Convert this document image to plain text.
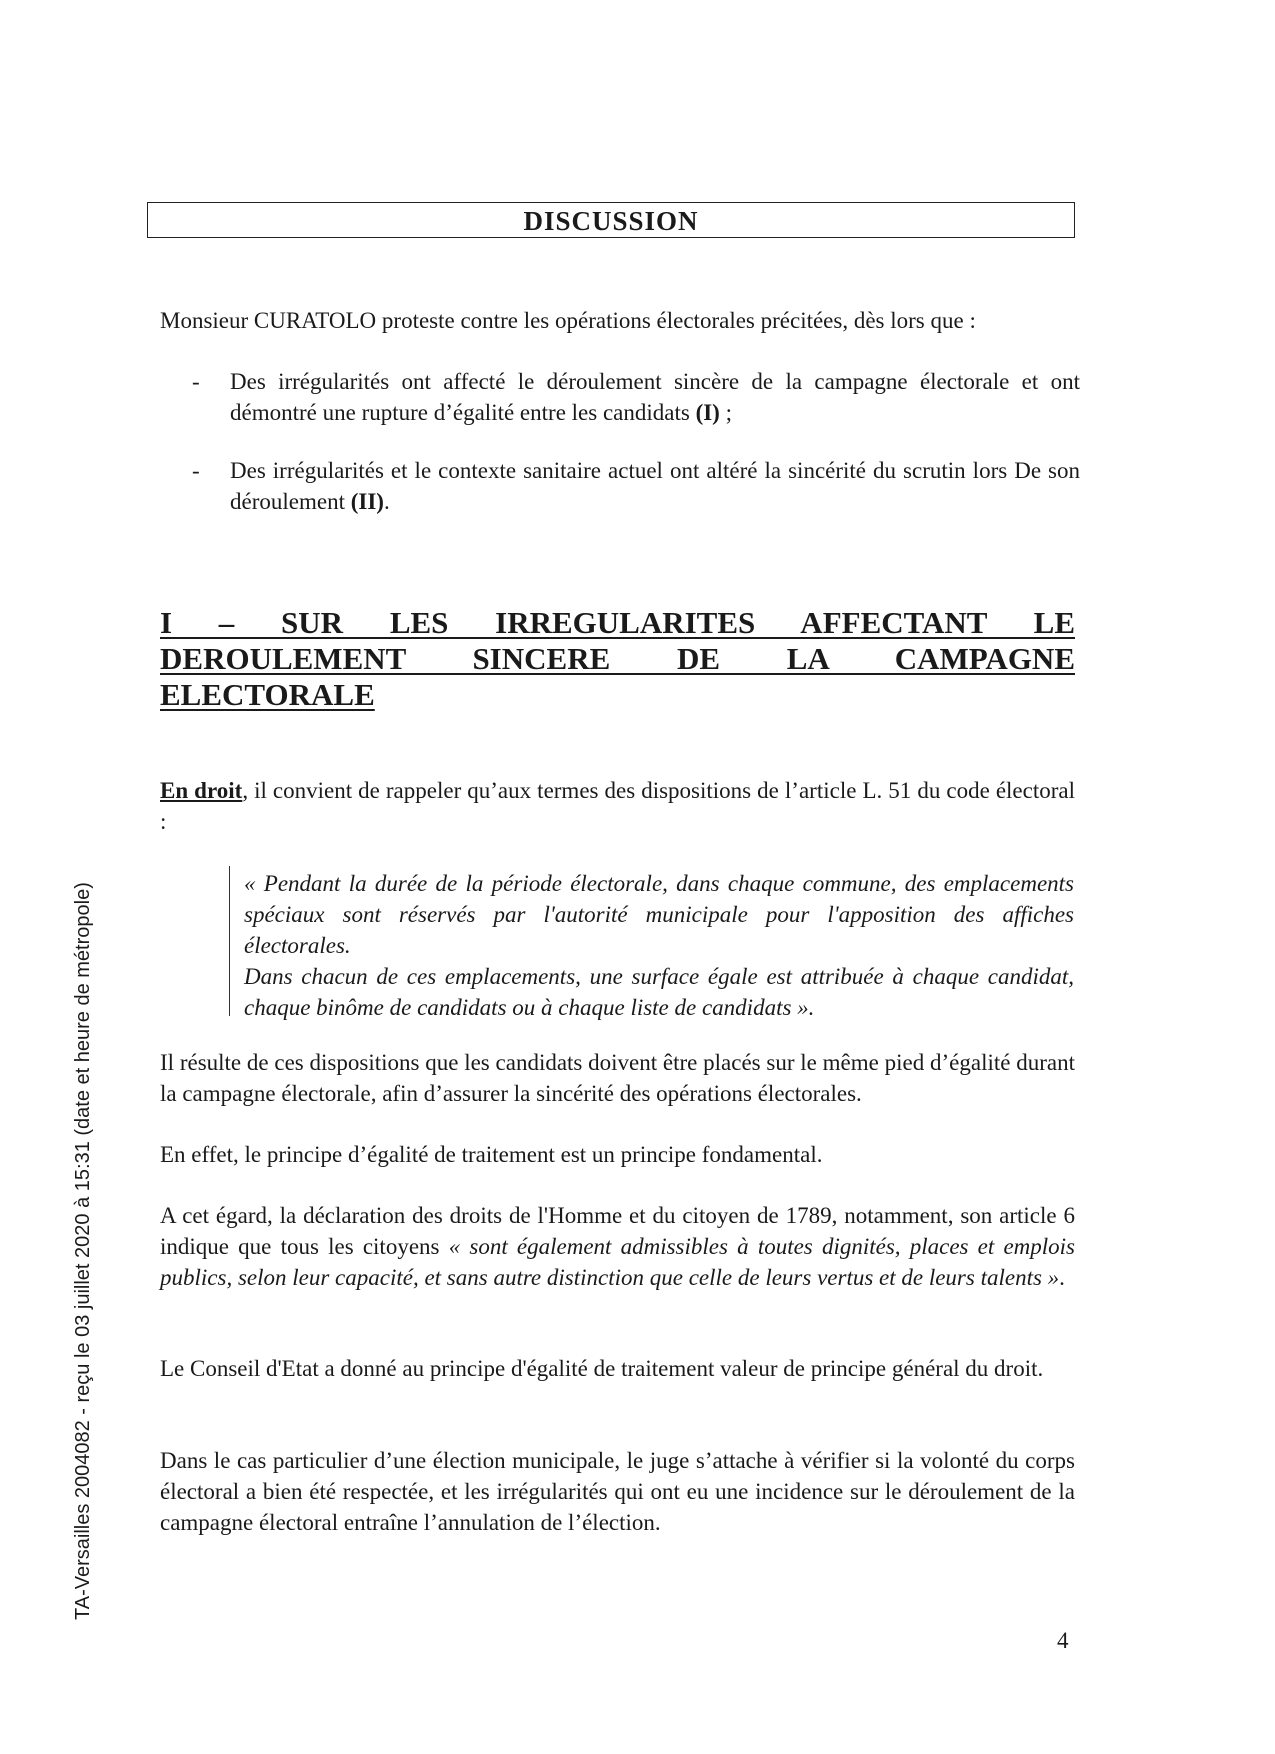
DISCUSSION

Monsieur CURATOLO proteste contre les opérations électorales précitées, dès lors que :

- Des irrégularités ont affecté le déroulement sincère de la campagne électorale et ont démontré une rupture d’égalité entre les candidats (I) ;
- Des irrégularités et le contexte sanitaire actuel ont altéré la sincérité du scrutin lors De son déroulement (II).
I – SUR LES IRREGULARITES AFFECTANT LE DEROULEMENT SINCERE DE LA CAMPAGNE ELECTORALE

En droit, il convient de rappeler qu’aux termes des dispositions de l’article L. 51 du code électoral :

« Pendant la durée de la période électorale, dans chaque commune, des emplacements spéciaux sont réservés par l'autorité municipale pour l'apposition des affiches électorales.
Dans chacun de ces emplacements, une surface égale est attribuée à chaque candidat, chaque binôme de candidats ou à chaque liste de candidats ».

Il résulte de ces dispositions que les candidats doivent être placés sur le même pied d’égalité durant la campagne électorale, afin d’assurer la sincérité des opérations électorales.

En effet, le principe d’égalité de traitement est un principe fondamental.

A cet égard, la déclaration des droits de l'Homme et du citoyen de 1789, notamment, son article 6 indique que tous les citoyens « sont également admissibles à toutes dignités, places et emplois publics, selon leur capacité, et sans autre distinction que celle de leurs vertus et de leurs talents ».

Le Conseil d'Etat a donné au principe d'égalité de traitement valeur de principe général du droit.

Dans le cas particulier d’une élection municipale, le juge s’attache à vérifier si la volonté du corps électoral a bien été respectée, et les irrégularités qui ont eu une incidence sur le déroulement de la campagne électoral entraîne l’annulation de l’élection.

4
TA-Versailles 2004082 - reçu le 03 juillet 2020 à 15:31 (date et heure de métropole)
